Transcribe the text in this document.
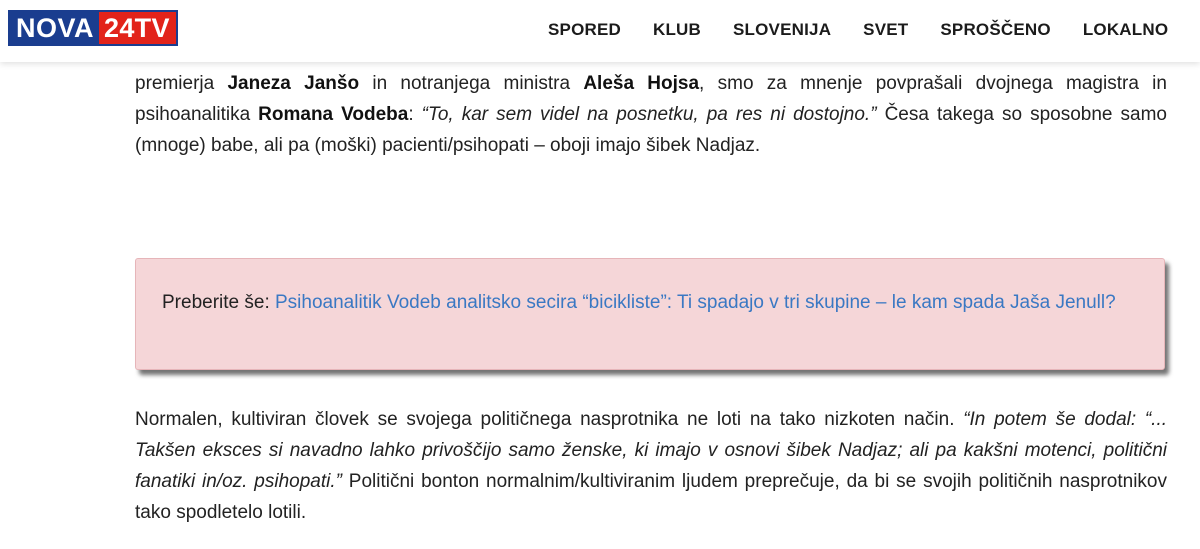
NOVA 24TV	SPORED	KLUB	SLOVENIJA	SVET	SPROŠČENO	LOKALNO

premierja Janeza Janšo in notranjega ministra Aleša Hojsa, smo za mnenje povprašali dvojnega magistra in psihoanalitika Romana Vodeba: “To, kar sem videl na posnetku, pa res ni dostojno.” Česa takega so sposobne samo (mnoge) babe, ali pa (moški) pacienti/psihopati – oboji imajo šibek Nadjaz.

Normalen, kultiviran človek se svojega političnega nasprotnika ne loti na tako nizkoten način. “In potem še dodal: “... Takšen eksces si navadno lahko privoščijo samo ženske, ki imajo v osnovi šibek Nadjaz; ali pa kakšni motenci, politični fanatiki in/oz. psihopati.” Politični bonton normalnim/kultiviranim ljudem preprečuje, da bi se svojih političnih nasprotnikov tako spodletelo lotili.

Preberite še: Psihoanalitik Vodeb analitsko secira “bicikliste”: Ti spadajo v tri skupine – le kam spada Jaša Jenull?
